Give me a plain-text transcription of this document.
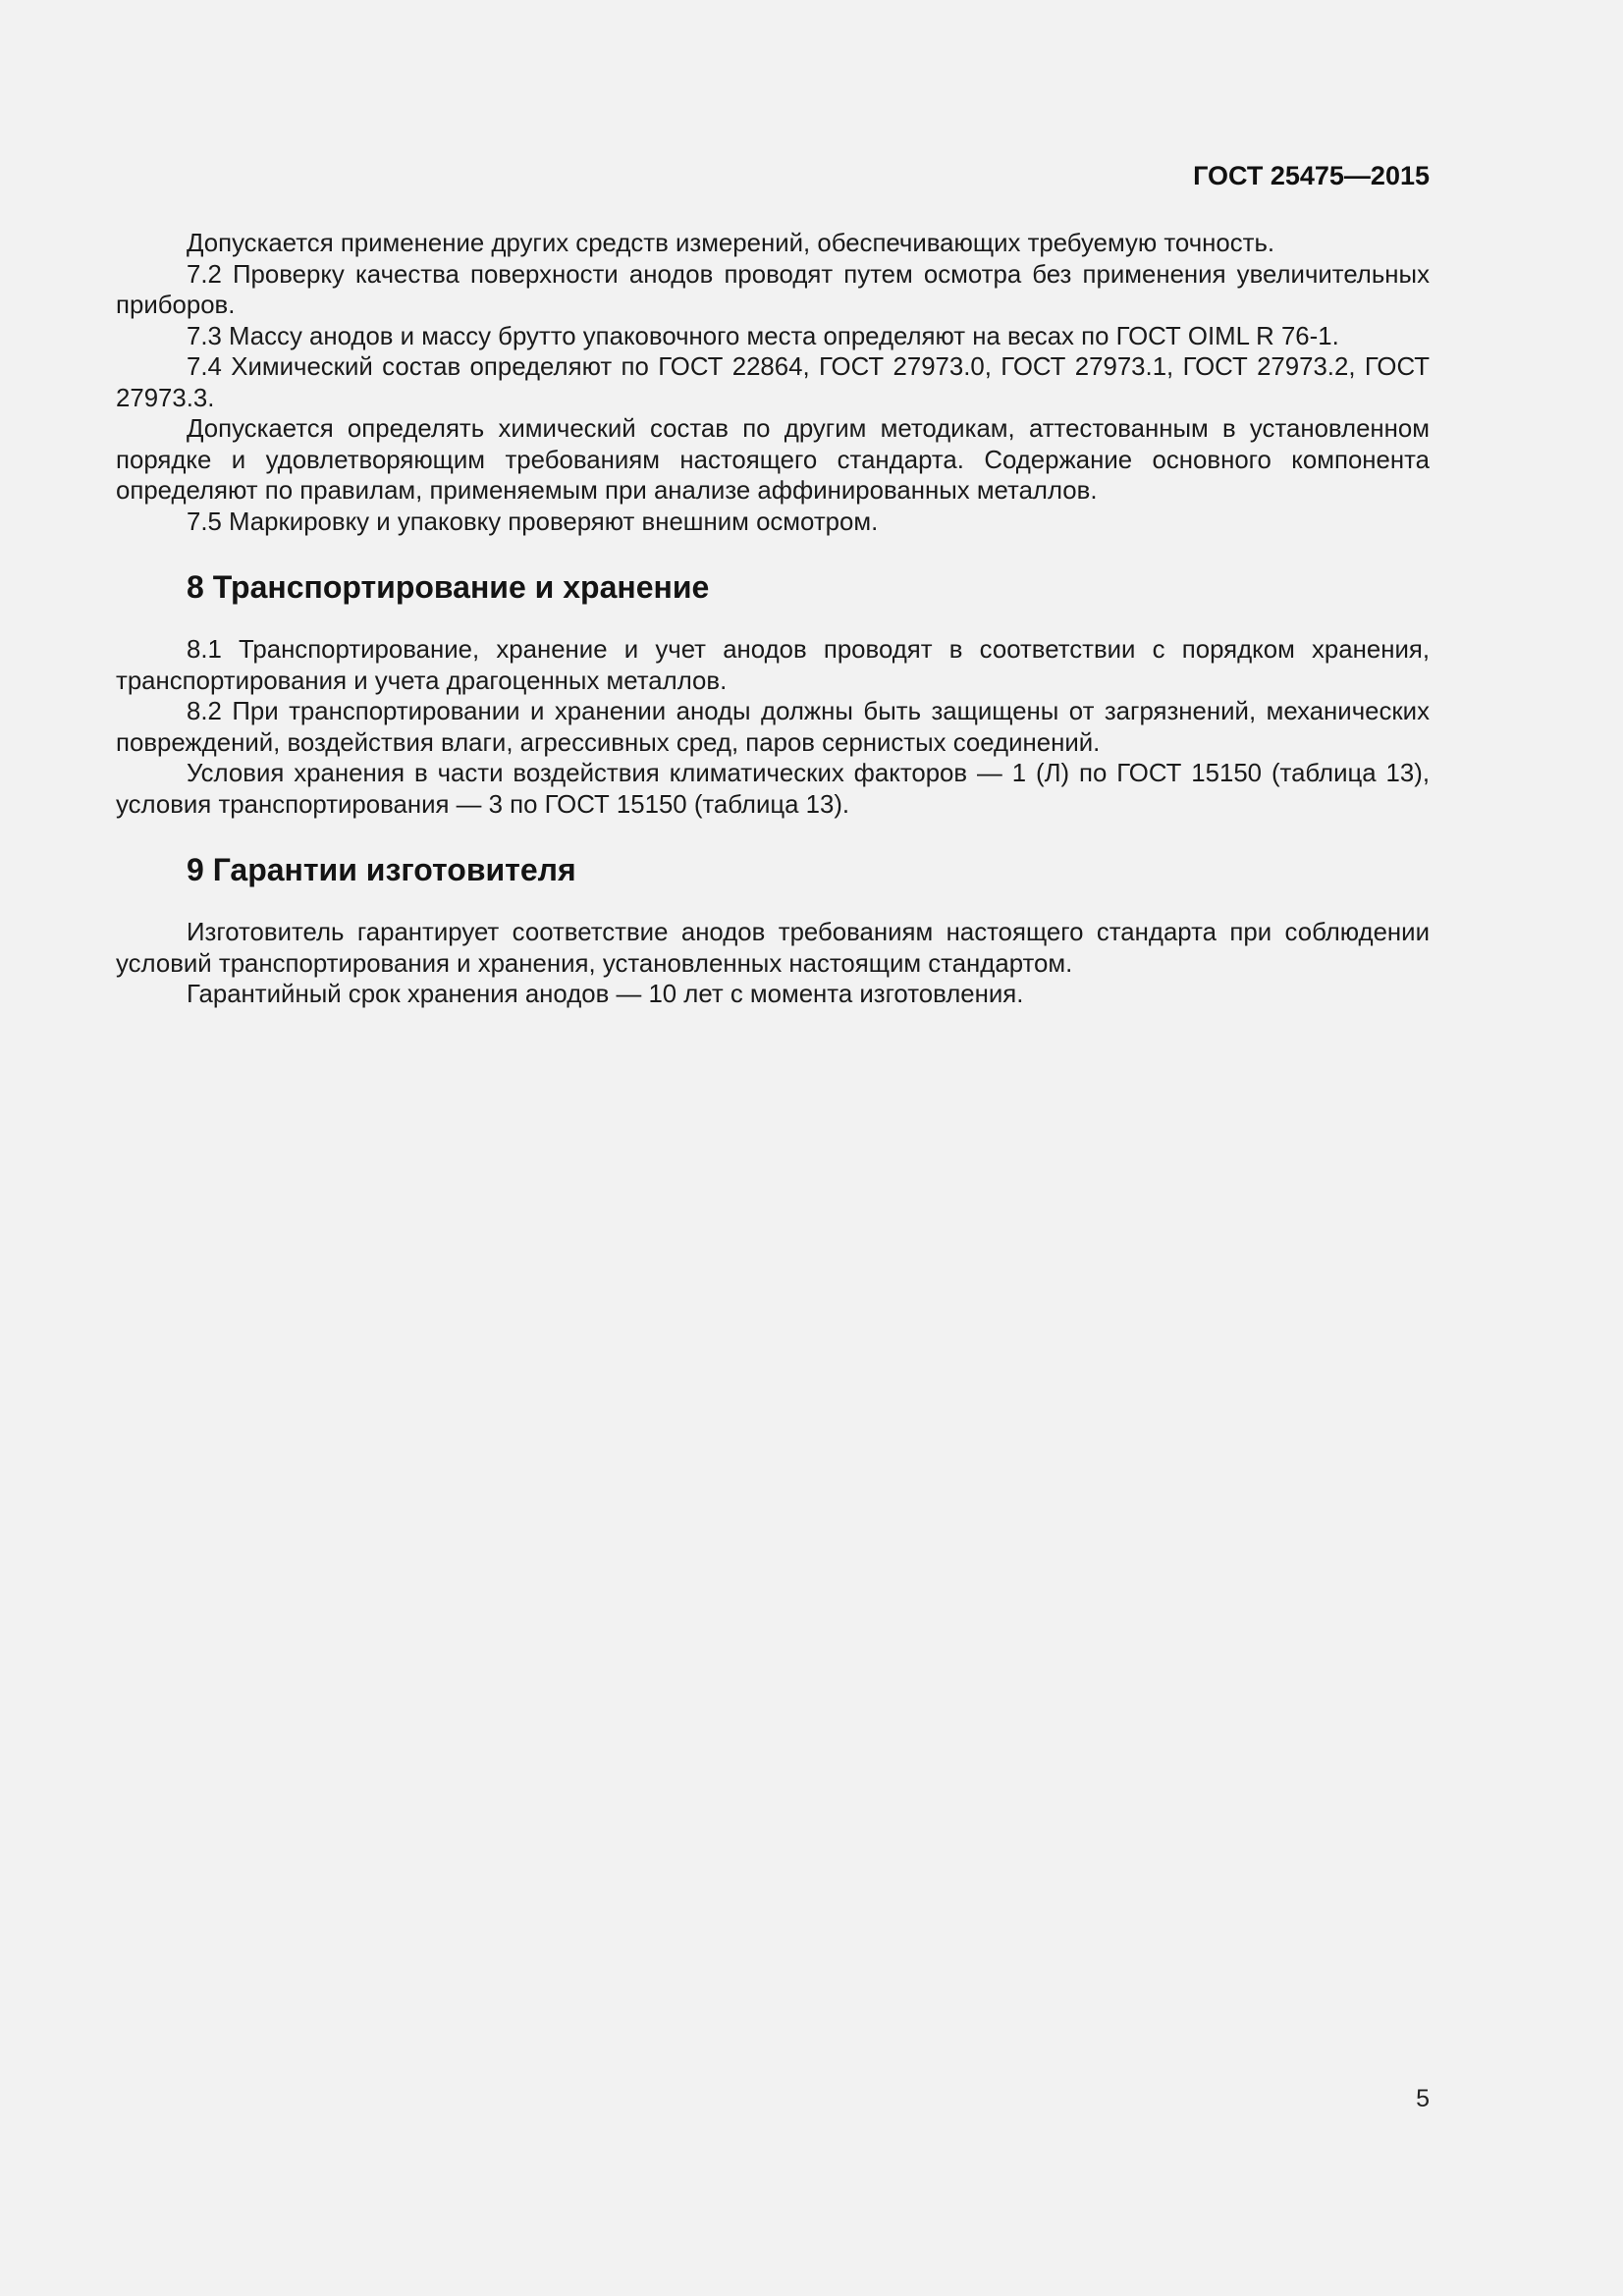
ГОСТ 25475—2015

Допускается применение других средств измерений, обеспечивающих требуемую точность.

7.2 Проверку качества поверхности анодов проводят путем осмотра без применения увеличительных приборов.

7.3 Массу анодов и массу брутто упаковочного места определяют на весах по ГОСТ OIML R 76-1.

7.4 Химический состав определяют по ГОСТ 22864, ГОСТ 27973.0, ГОСТ 27973.1, ГОСТ 27973.2, ГОСТ 27973.3.

Допускается определять химический состав по другим методикам, аттестованным в установленном порядке и удовлетворяющим требованиям настоящего стандарта. Содержание основного компонента определяют по правилам, применяемым при анализе аффинированных металлов.

7.5 Маркировку и упаковку проверяют внешним осмотром.

8 Транспортирование и хранение

8.1 Транспортирование, хранение и учет анодов проводят в соответствии с порядком хранения, транспортирования и учета драгоценных металлов.

8.2 При транспортировании и хранении аноды должны быть защищены от загрязнений, механических повреждений, воздействия влаги, агрессивных сред, паров сернистых соединений.

Условия хранения в части воздействия климатических факторов — 1 (Л) по ГОСТ 15150 (таблица 13), условия транспортирования — 3 по ГОСТ 15150 (таблица 13).

9 Гарантии изготовителя

Изготовитель гарантирует соответствие анодов требованиям настоящего стандарта при соблюдении условий транспортирования и хранения, установленных настоящим стандартом.

Гарантийный срок хранения анодов — 10 лет с момента изготовления.

5
